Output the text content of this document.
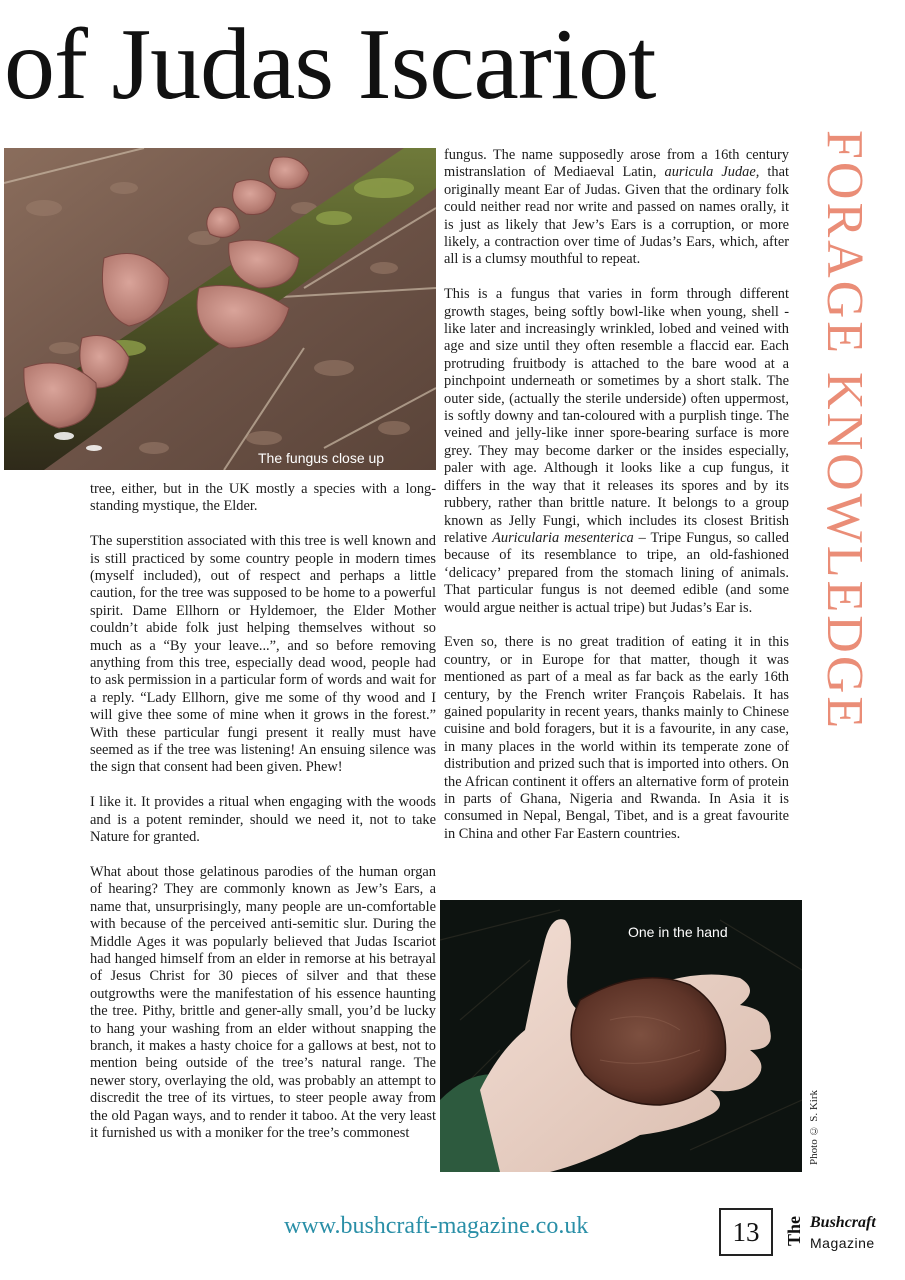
of Judas Iscariot
FORAGE KNOWLEDGE
The fungus close up

tree, either, but in the UK mostly a species with a long-standing mystique, the Elder.

The superstition associated with this tree is well known and is still practiced by some country people in modern times (myself included), out of respect and perhaps a little caution, for the tree was supposed to be home to a powerful spirit. Dame Ellhorn or Hyldemoer, the Elder Mother couldn’t abide folk just helping themselves without so much as a “By your leave...”, and so before removing anything from this tree, especially dead wood, people had to ask permission in a particular form of words and wait for a reply. “Lady Ellhorn, give me some of thy wood and I will give thee some of mine when it grows in the forest.” With these particular fungi present it really must have seemed as if the tree was listening! An ensuing silence was the sign that consent had been given. Phew!

I like it. It provides a ritual when engaging with the woods and is a potent reminder, should we need it, not to take Nature for granted.

What about those gelatinous parodies of the human organ of hearing? They are commonly known as Jew’s Ears, a name that, unsurprisingly, many people are un-comfortable with because of the perceived anti-semitic slur. During the Middle Ages it was popularly believed that Judas Iscariot had hanged himself from an elder in remorse at his betrayal of Jesus Christ for 30 pieces of silver and that these outgrowths were the manifestation of his essence haunting the tree. Pithy, brittle and gener-ally small, you’d be lucky to hang your washing from an elder without snapping the branch, it makes a hasty choice for a gallows at best, not to mention being outside of the tree’s natural range. The newer story, overlaying the old, was probably an attempt to discredit the tree of its virtues, to steer people away from the old Pagan ways, and to render it taboo. At the very least it furnished us with a moniker for the tree’s commonest

fungus. The name supposedly arose from a 16th century mistranslation of Mediaeval Latin, auricula Judae, that originally meant Ear of Judas. Given that the ordinary folk could neither read nor write and passed on names orally, it is just as likely that Jew’s Ears is a corruption, or more likely, a contraction over time of Judas’s Ears, which, after all is a clumsy mouthful to repeat.

This is a fungus that varies in form through different growth stages, being softly bowl-like when young, shell -like later and increasingly wrinkled, lobed and veined with age and size until they often resemble a flaccid ear. Each protruding fruitbody is attached to the bare wood at a pinchpoint underneath or sometimes by a short stalk. The outer side, (actually the sterile underside) often uppermost, is softly downy and tan-coloured with a purplish tinge. The veined and jelly-like inner spore-bearing surface is more grey. They may become darker or the insides especially, paler with age. Although it looks like a cup fungus, it differs in the way that it releases its spores and by its rubbery, rather than brittle nature. It belongs to a group known as Jelly Fungi, which includes its closest British relative Auricularia mesenterica – Tripe Fungus, so called because of its resemblance to tripe, an old-fashioned ‘delicacy’ prepared from the stomach lining of animals. That particular fungus is not deemed edible (and some would argue neither is actual tripe) but Judas’s Ear is.

Even so, there is no great tradition of eating it in this country, or in Europe for that matter, though it was mentioned as part of a meal as far back as the early 16th century, by the French writer François Rabelais. It has gained popularity in recent years, thanks mainly to Chinese cuisine and bold foragers, but it is a favourite, in any case, in many places in the world within its temperate zone of distribution and prized such that is imported into others. On the African continent it offers an alternative form of protein in parts of Ghana, Nigeria and Rwanda. In Asia it is consumed in Nepal, Bengal, Tibet, and is a great favourite in China and other Far Eastern countries.

One in the hand
Photo © S. Kirk
www.bushcraft-magazine.co.uk	13	The Bushcraft
Magazine
